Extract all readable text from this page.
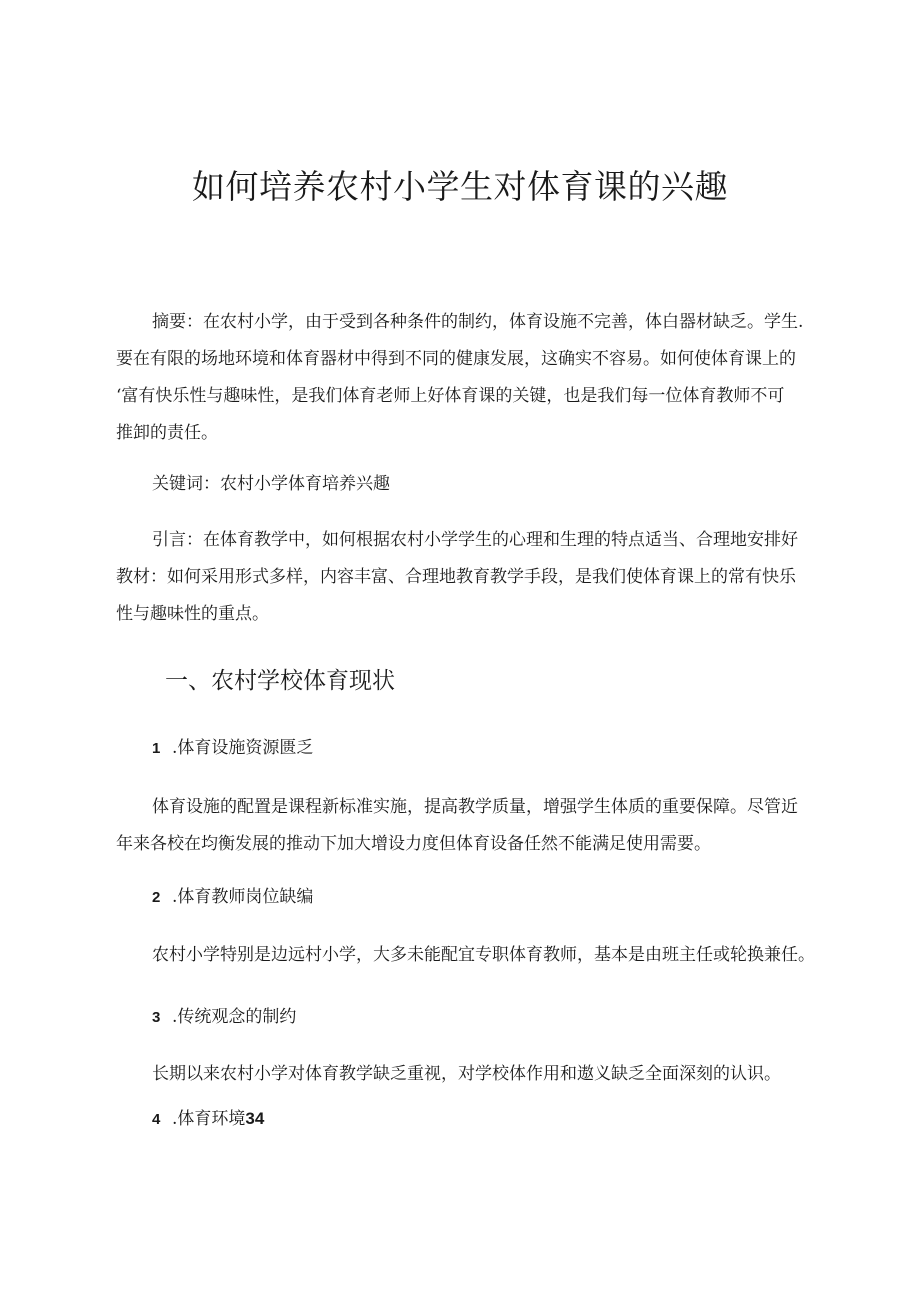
如何培养农村小学生对体育课的兴趣
摘要：在农村小学，由于受到各种条件的制约，体育设施不完善，体白器材缺乏。学生.
要在有限的场地环境和体育器材中得到不同的健康发展，这确实不容易。如何使体育课上的
‘富有快乐性与趣味性，是我们体育老师上好体育课的关键，也是我们每一位体育教师不可
推卸的责任。
关键词：农村小学体育培养兴趣
引言：在体育教学中，如何根据农村小学学生的心理和生理的特点适当、合理地安排好
教材：如何采用形式多样，内容丰富、合理地教育教学手段，是我们使体育课上的常有快乐
性与趣味性的重点。
一、农村学校体育现状
1 .体育设施资源匮乏
体育设施的配置是课程新标准实施，提高教学质量，增强学生体质的重要保障。尽管近
年来各校在均衡发展的推动下加大增设力度但体育设备任然不能满足使用需要。
2 .体育教师岗位缺编
农村小学特别是边远村小学，大多未能配宜专职体育教师，基本是由班主任或轮换兼任。
3 .传统观念的制约
长期以来农村小学对体育教学缺乏重视，对学校体作用和遨义缺乏全面深刻的认识。
4 .体育环境34
